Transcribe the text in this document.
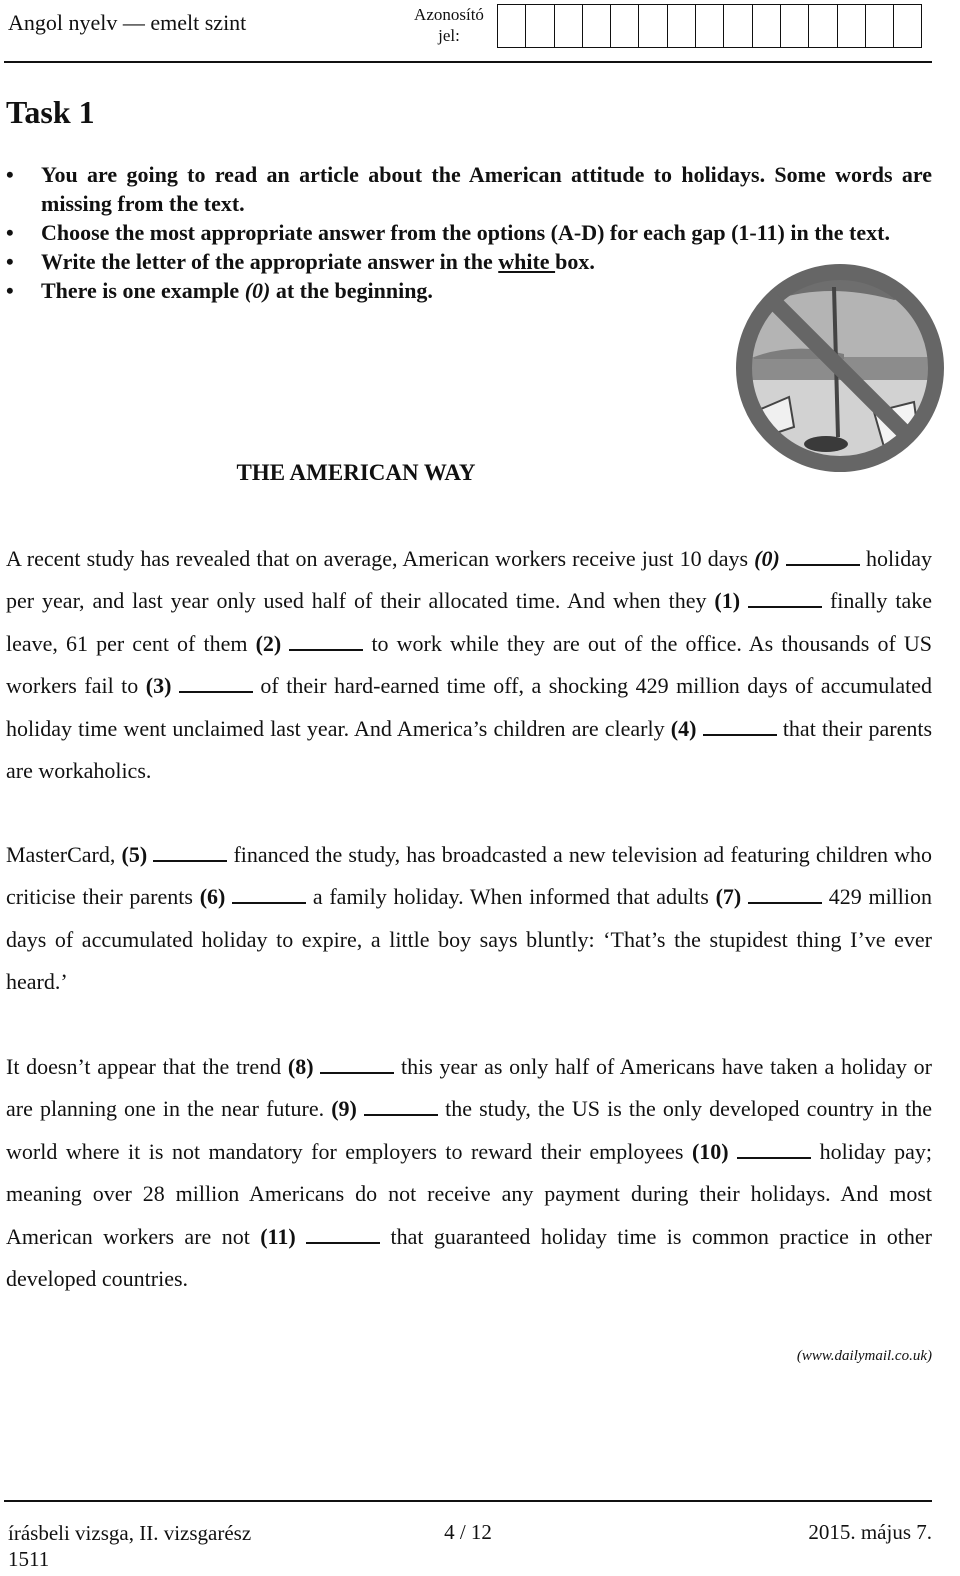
Angol nyelv — emelt szint	Azonosító
jel:
Task 1
•	You are going to read an article about the American attitude to holidays. Some words are missing from the text.
•	Choose the most appropriate answer from the options (A-D) for each gap (1-11) in the text.
•	Write the letter of the appropriate answer in the white box.
•	There is one example (0) at the beginning.
THE AMERICAN WAY

A recent study has revealed that on average, American workers receive just 10 days (0)	holiday per year, and last year only used half of their allocated time. And when they (1)	finally take leave, 61 per cent of them (2)	to work while they are out of the office. As thousands of US workers fail to (3)	of their hard-earned time off, a shocking 429 million days of accumulated holiday time went unclaimed last year. And America’s children are clearly (4)	that their parents are workaholics.

MasterCard, (5)	financed the study, has broadcasted a new television ad featuring children who criticise their parents (6)	a family holiday. When informed that adults (7)	429 million days of accumulated holiday to expire, a little boy says bluntly: ‘That’s the stupidest thing I’ve ever heard.’

It doesn’t appear that the trend (8)	this year as only half of Americans have taken a holiday or are planning one in the near future. (9)	the study, the US is the only developed country in the world where it is not mandatory for employers to reward their employees (10)	holiday pay; meaning over 28 million Americans do not receive any payment during their holidays. And most American workers are not (11)	that guaranteed holiday time is common practice in other developed countries.

(www.dailymail.co.uk)
írásbeli vizsga, II. vizsgarész
1511
4 / 12	2015. május 7.
